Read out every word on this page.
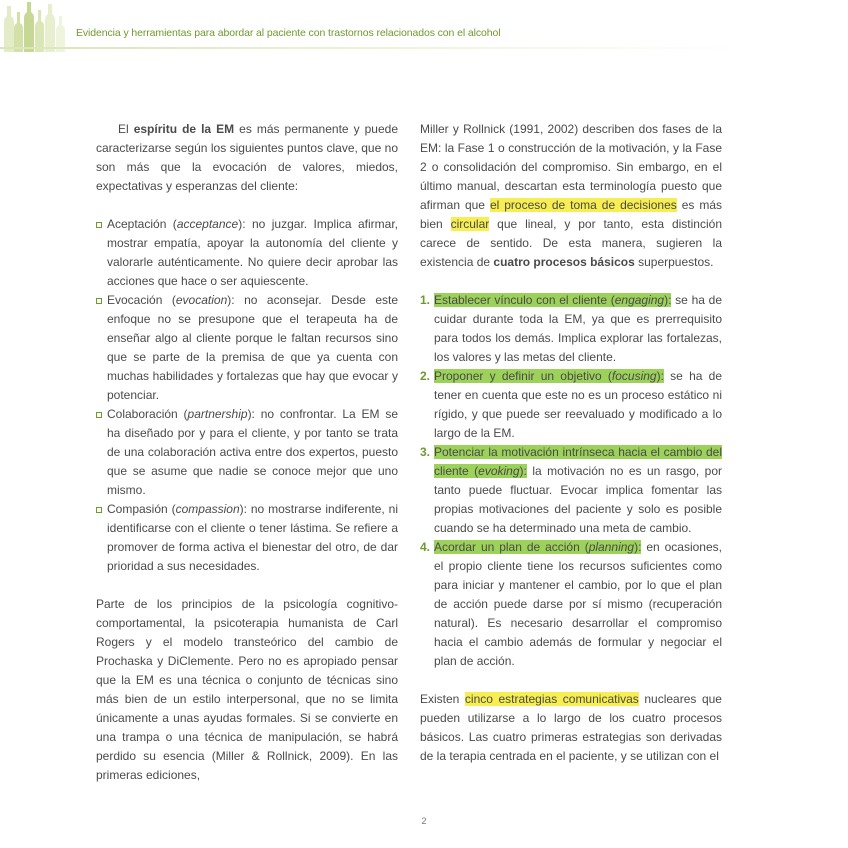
Evidencia y herramientas para abordar al paciente con trastornos relacionados con el alcohol

El espíritu de la EM es más permanente y puede caracterizarse según los siguientes puntos clave, que no son más que la evocación de valores, miedos, expectativas y esperanzas del cliente:

Aceptación (acceptance): no juzgar. Implica afirmar, mostrar empatía, apoyar la autonomía del cliente y valorarle auténticamente. No quiere decir aprobar las acciones que hace o ser aquiescente.
Evocación (evocation): no aconsejar. Desde este enfoque no se presupone que el terapeuta ha de enseñar algo al cliente porque le faltan recursos sino que se parte de la premisa de que ya cuenta con muchas habilidades y fortalezas que hay que evocar y potenciar.
Colaboración (partnership): no confrontar. La EM se ha diseñado por y para el cliente, y por tanto se trata de una colaboración activa entre dos expertos, puesto que se asume que nadie se conoce mejor que uno mismo.
Compasión (compassion): no mostrarse indiferente, ni identificarse con el cliente o tener lástima. Se refiere a promover de forma activa el bienestar del otro, de dar prioridad a sus necesidades.

Parte de los principios de la psicología cognitivo-comportamental, la psicoterapia humanista de Carl Rogers y el modelo transteórico del cambio de Prochaska y DiClemente. Pero no es apropiado pensar que la EM es una técnica o conjunto de técnicas sino más bien de un estilo interpersonal, que no se limita únicamente a unas ayudas formales. Si se convierte en una trampa o una técnica de manipulación, se habrá perdido su esencia (Miller & Rollnick, 2009). En las primeras ediciones,

Miller y Rollnick (1991, 2002) describen dos fases de la EM: la Fase 1 o construcción de la motivación, y la Fase 2 o consolidación del compromiso. Sin embargo, en el último manual, descartan esta terminología puesto que afirman que el proceso de toma de decisiones es más bien circular que lineal, y por tanto, esta distinción carece de sentido. De esta manera, sugieren la existencia de cuatro procesos básicos superpuestos.

1. Establecer vínculo con el cliente (engaging): se ha de cuidar durante toda la EM, ya que es prerrequisito para todos los demás. Implica explorar las fortalezas, los valores y las metas del cliente.
2. Proponer y definir un objetivo (focusing): se ha de tener en cuenta que este no es un proceso estático ni rígido, y que puede ser reevaluado y modificado a lo largo de la EM.
3. Potenciar la motivación intrínseca hacia el cambio del cliente (evoking): la motivación no es un rasgo, por tanto puede fluctuar. Evocar implica fomentar las propias motivaciones del paciente y solo es posible cuando se ha determinado una meta de cambio.
4. Acordar un plan de acción (planning): en ocasiones, el propio cliente tiene los recursos suficientes como para iniciar y mantener el cambio, por lo que el plan de acción puede darse por sí mismo (recuperación natural). Es necesario desarrollar el compromiso hacia el cambio además de formular y negociar el plan de acción.

Existen cinco estrategias comunicativas nucleares que pueden utilizarse a lo largo de los cuatro procesos básicos. Las cuatro primeras estrategias son derivadas de la terapia centrada en el paciente, y se utilizan con el

2
